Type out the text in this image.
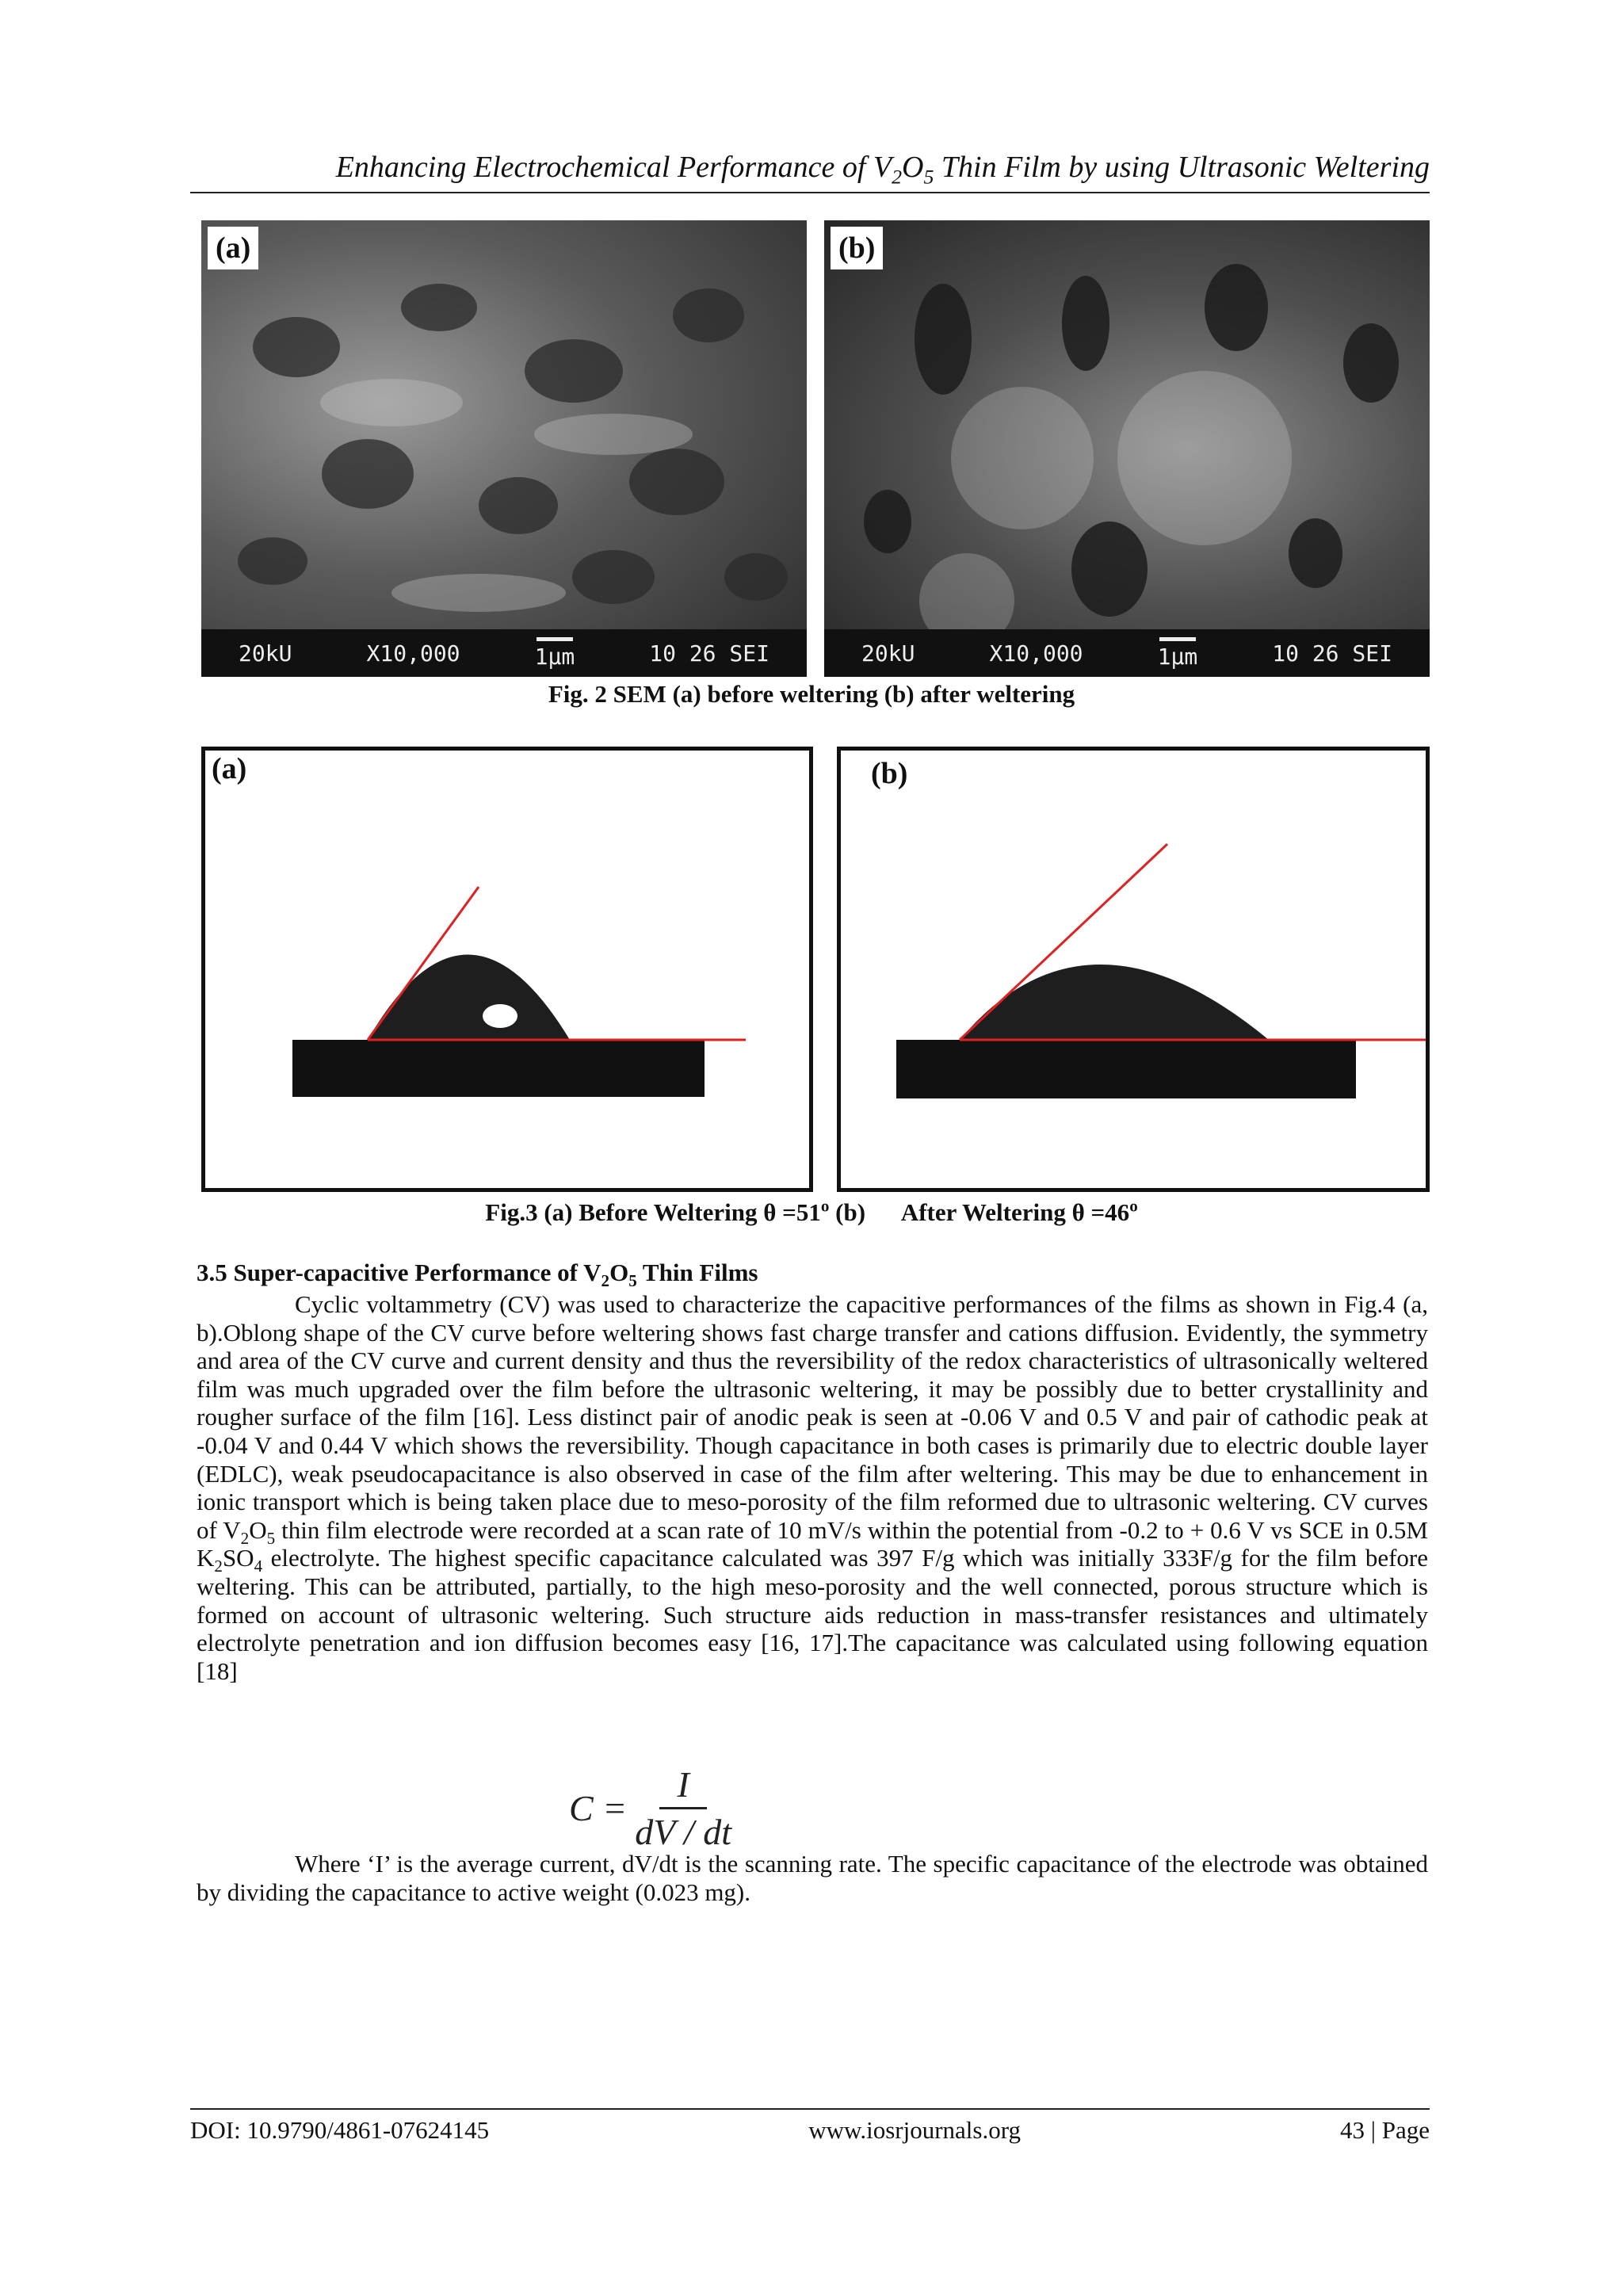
Enhancing Electrochemical Performance of $V_2O_5$ Thin Film by using Ultrasonic Weltering
(a)
20kU	X10,000	1μm	10 26 SEI
(b)
20kU	X10,000	1μm	10 26 SEI
Fig. 2 SEM (a) before weltering (b) after weltering
(a)	(b)
Fig.3 (a) Before Weltering $\theta =51^o$ (b)      After Weltering $\theta =46^o$
3.5 Super-capacitive Performance of $V_2O_5$ Thin Films

Cyclic voltammetry (CV) was used to characterize the capacitive performances of the films as shown in Fig.4 (a, b).Oblong shape of the CV curve before weltering shows fast charge transfer and cations diffusion. Evidently, the symmetry and area of the CV curve and current density and thus the reversibility of the redox characteristics of ultrasonically weltered film was much upgraded over the film before the ultrasonic weltering, it may be possibly due to better crystallinity and rougher surface of the film [16]. Less distinct pair of anodic peak is seen at -0.06 V and 0.5 V and pair of cathodic peak at -0.04 V and 0.44 V which shows the reversibility. Though capacitance in both cases is primarily due to electric double layer (EDLC), weak pseudocapacitance is also observed in case of the film after weltering. This may be due to enhancement in ionic transport which is being taken place due to meso-porosity of the film reformed due to ultrasonic weltering. CV curves of $V_2O_5$ thin film electrode were recorded at a scan rate of 10 mV/s within the potential from -0.2 to + 0.6 V vs SCE in 0.5M $K_2SO_4$ electrolyte. The highest specific capacitance calculated was 397 F/g which was initially 333F/g for the film before weltering. This can be attributed, partially, to the high meso-porosity and the well connected, porous structure which is formed on account of ultrasonic weltering. Such structure aids reduction in mass-transfer resistances and ultimately electrolyte penetration and ion diffusion becomes easy [16, 17].The capacitance was calculated using following equation [18]

$C = \frac{I}{dV / dt}$

Where ‘I’ is the average current, dV/dt is the scanning rate. The specific capacitance of the electrode was obtained by dividing the capacitance to active weight (0.023 mg).

DOI: 10.9790/4861-07624145	www.iosrjournals.org	43 | Page
